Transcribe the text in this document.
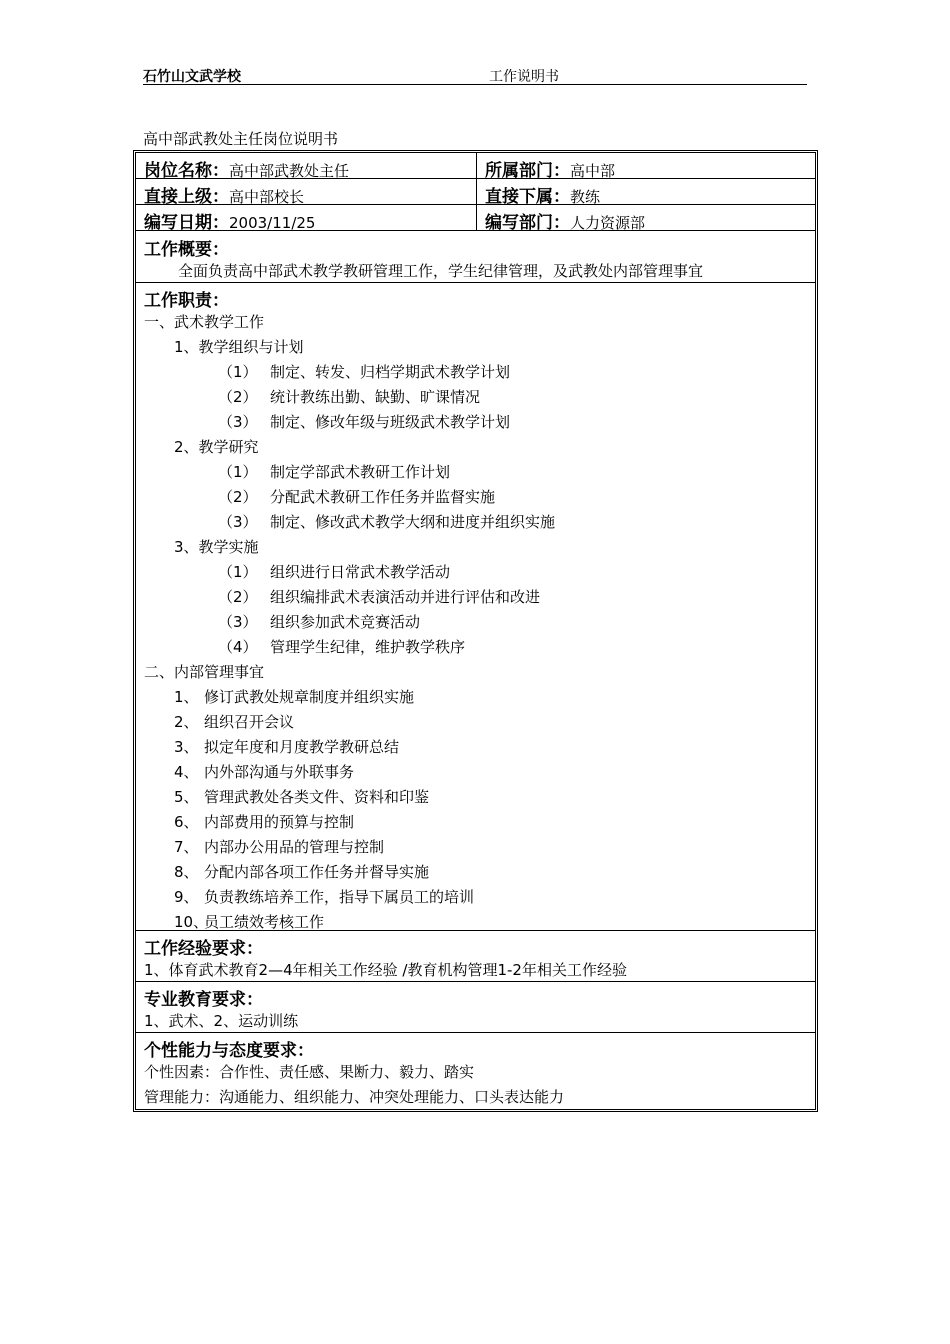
石竹山文武学校	工作说明书
高中部武教处主任岗位说明书
岗位名称：高中部武教处主任	所属部门：高中部
直接上级：高中部校长	直接下属：教练
编写日期：2003/11/25	编写部门：人力资源部
工作概要：
全面负责高中部武术教学教研管理工作，学生纪律管理，及武教处内部管理事宜
工作职责：
一、武术教学工作
1、教学组织与计划
（1） 制定、转发、归档学期武术教学计划
（2） 统计教练出勤、缺勤、旷课情况
（3） 制定、修改年级与班级武术教学计划
2、教学研究
（1） 制定学部武术教研工作计划
（2） 分配武术教研工作任务并监督实施
（3） 制定、修改武术教学大纲和进度并组织实施
3、教学实施
（1） 组织进行日常武术教学活动
（2） 组织编排武术表演活动并进行评估和改进
（3） 组织参加武术竞赛活动
（4） 管理学生纪律，维护教学秩序
二、内部管理事宜
1、 修订武教处规章制度并组织实施
2、 组织召开会议
3、 拟定年度和月度教学教研总结
4、 内外部沟通与外联事务
5、 管理武教处各类文件、资料和印鉴
6、 内部费用的预算与控制
7、 内部办公用品的管理与控制
8、 分配内部各项工作任务并督导实施
9、 负责教练培养工作，指导下属员工的培训
10、员工绩效考核工作
工作经验要求：
1、体育武术教育2—4年相关工作经验 /教育机构管理1-2年相关工作经验
专业教育要求：
1、武术、2、运动训练
个性能力与态度要求：
个性因素：合作性、责任感、果断力、毅力、踏实
管理能力：沟通能力、组织能力、冲突处理能力、口头表达能力
